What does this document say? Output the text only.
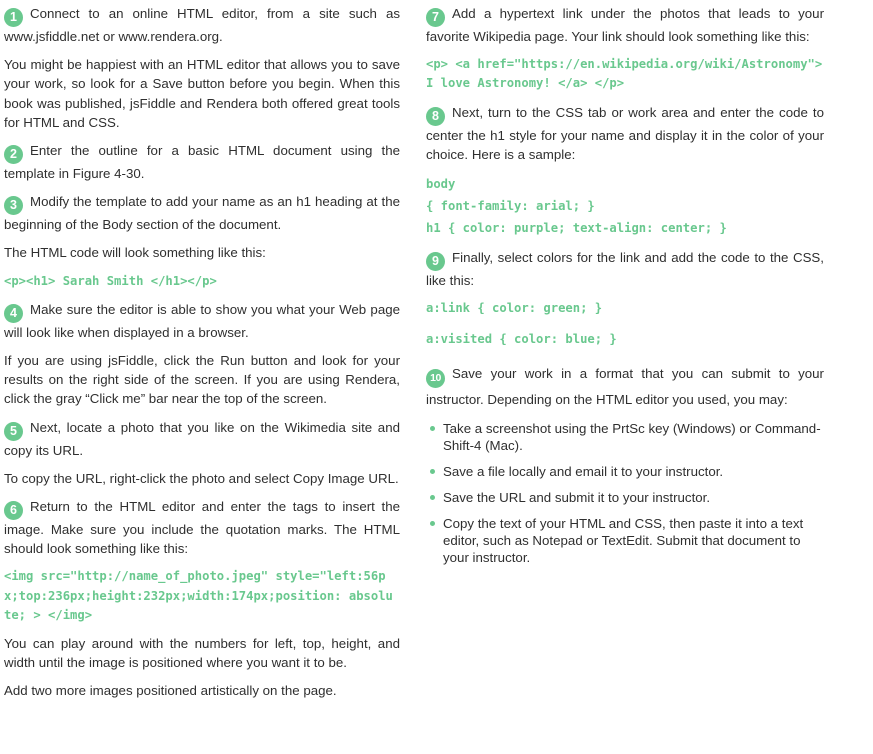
1 Connect to an online HTML editor, from a site such as www.jsfiddle.net or www.rendera.org.

You might be happiest with an HTML editor that allows you to save your work, so look for a Save button before you begin. When this book was published, jsFiddle and Rendera both offered great tools for HTML and CSS.

2 Enter the outline for a basic HTML document using the template in Figure 4-30.

3 Modify the template to add your name as an h1 heading at the beginning of the Body section of the document.

The HTML code will look something like this:

<p><h1> Sarah Smith </h1></p>

4 Make sure the editor is able to show you what your Web page will look like when displayed in a browser.

If you are using jsFiddle, click the Run button and look for your results on the right side of the screen. If you are using Rendera, click the gray “Click me” bar near the top of the screen.

5 Next, locate a photo that you like on the Wikimedia site and copy its URL.

To copy the URL, right-click the photo and select Copy Image URL.

6 Return to the HTML editor and enter the tags to insert the image. Make sure you include the quotation marks. The HTML should look something like this:

<img src="http://name_of_photo.jpeg" style="left:56px;top:236px;height:232px;width:174px;position: absolute; > </img>

You can play around with the numbers for left, top, height, and width until the image is positioned where you want it to be.

Add two more images positioned artistically on the page.

7 Add a hypertext link under the photos that leads to your favorite Wikipedia page. Your link should look something like this:

<p> <a href="https://en.wikipedia.org/wiki/Astronomy"> I love Astronomy! </a> </p>

8 Next, turn to the CSS tab or work area and enter the code to center the h1 style for your name and display it in the color of your choice. Here is a sample:

body
{ font-family: arial; }
h1 { color: purple; text-align: center; }

9 Finally, select colors for the link and add the code to the CSS, like this:

a:link { color: green; }

a:visited { color: blue; }

10 Save your work in a format that you can submit to your instructor. Depending on the HTML editor you used, you may:

Take a screenshot using the PrtSc key (Windows) or Command-Shift-4 (Mac).
Save a file locally and email it to your instructor.
Save the URL and submit it to your instructor.
Copy the text of your HTML and CSS, then paste it into a text editor, such as Notepad or TextEdit. Submit that document to your instructor.
